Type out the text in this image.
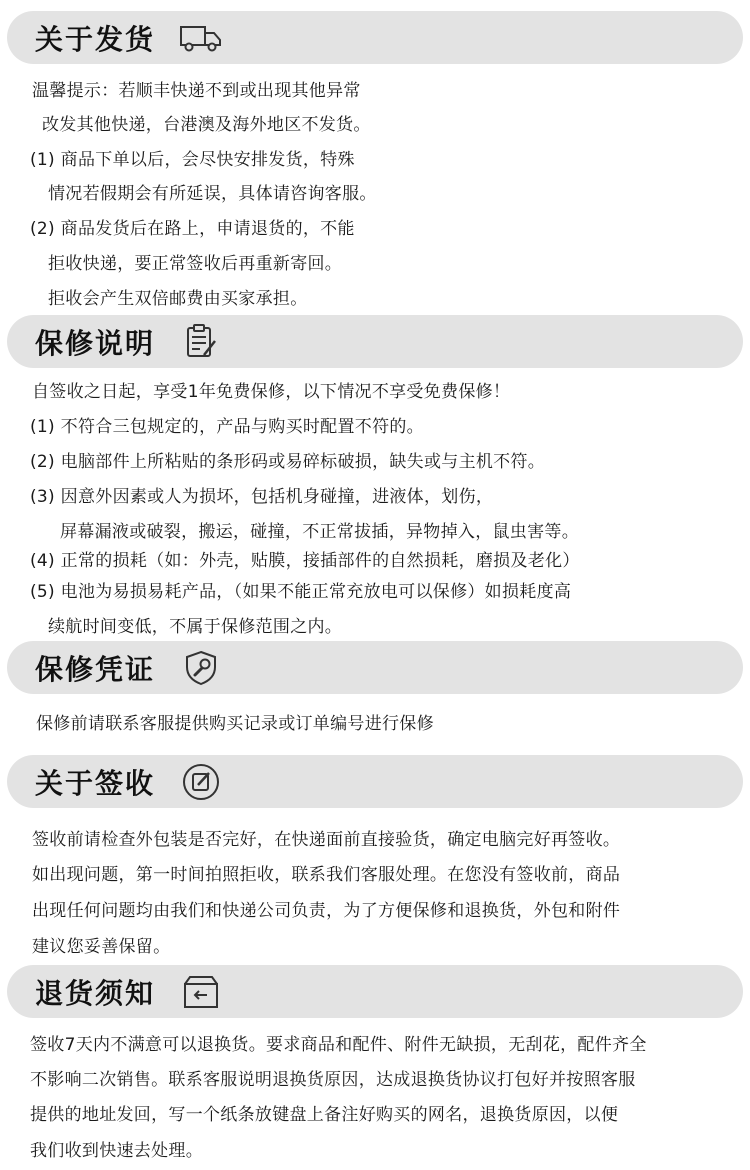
关于发货
温馨提示：若顺丰快递不到或出现其他异常
改发其他快递，台港澳及海外地区不发货。
(1) 商品下单以后，会尽快安排发货，特殊
情况若假期会有所延误，具体请咨询客服。
(2) 商品发货后在路上，申请退货的，不能
拒收快递，要正常签收后再重新寄回。
拒收会产生双倍邮费由买家承担。
保修说明
自签收之日起，享受1年免费保修，以下情况不享受免费保修！
(1) 不符合三包规定的，产品与购买时配置不符的。
(2) 电脑部件上所粘贴的条形码或易碎标破损，缺失或与主机不符。
(3) 因意外因素或人为损坏，包括机身碰撞，进液体，划伤，
屏幕漏液或破裂，搬运，碰撞，不正常拔插，异物掉入，鼠虫害等。
(4) 正常的损耗（如：外壳，贴膜，接插部件的自然损耗，磨损及老化）
(5) 电池为易损易耗产品，（如果不能正常充放电可以保修）如损耗度高
续航时间变低，不属于保修范围之内。
保修凭证
保修前请联系客服提供购买记录或订单编号进行保修
关于签收
签收前请检查外包装是否完好，在快递面前直接验货，确定电脑完好再签收。
如出现问题，第一时间拍照拒收，联系我们客服处理。在您没有签收前，商品
出现任何问题均由我们和快递公司负责，为了方便保修和退换货，外包和附件
建议您妥善保留。
退货须知
签收7天内不满意可以退换货。要求商品和配件、附件无缺损，无刮花，配件齐全
不影响二次销售。联系客服说明退换货原因，达成退换货协议打包好并按照客服
提供的地址发回，写一个纸条放键盘上备注好购买的网名，退换货原因，以便
我们收到快速去处理。
